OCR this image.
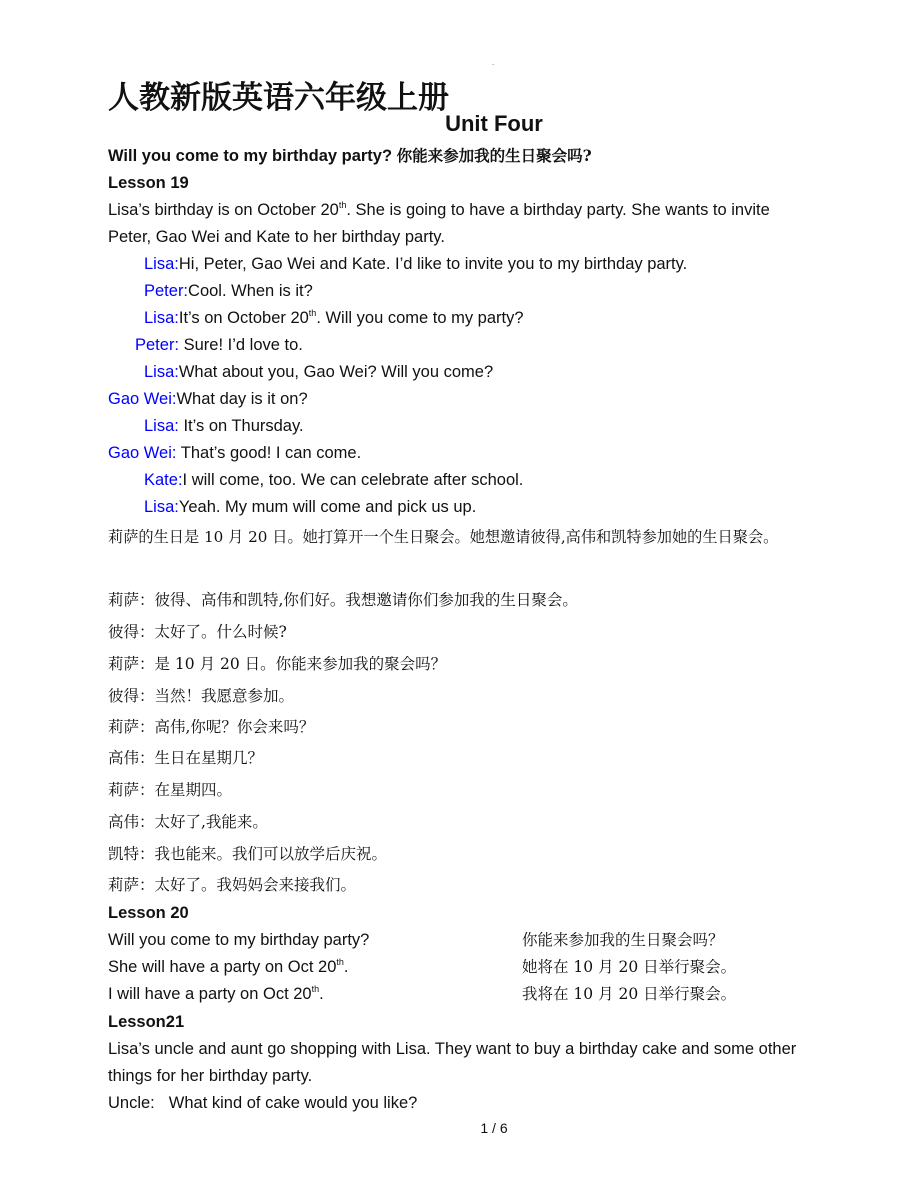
.
人教新版英语六年级上册
Unit Four
Will you come to my birthday party? 你能来参加我的生日聚会吗?
Lesson 19
Lisa’s birthday is on October 20th. She is going to have a birthday party. She wants to invite
Peter, Gao Wei and Kate to her birthday party.
Lisa:Hi, Peter, Gao Wei and Kate. I’d like to invite you to my birthday party.
Peter:Cool. When is it?
Lisa:It’s on October 20th. Will you come to my party?
Peter: Sure! I’d love to.
Lisa:What about you, Gao Wei? Will you come?
Gao Wei:What day is it on?
Lisa: It’s on Thursday.
Gao Wei: That’s good! I can come.
Kate:I will come, too. We can celebrate after school.
Lisa:Yeah. My mum will come and pick us up.
莉萨的生日是 10 月 20 日。她打算开一个生日聚会。她想邀请彼得,高伟和凯特参加她的生日聚会。
莉萨：彼得、高伟和凯特,你们好。我想邀请你们参加我的生日聚会。
彼得：太好了。什么时候?
莉萨：是 10 月 20 日。你能来参加我的聚会吗？
彼得：当然！我愿意参加。
莉萨：高伟,你呢？你会来吗？
高伟：生日在星期几？
莉萨：在星期四。
高伟：太好了,我能来。
凯特：我也能来。我们可以放学后庆祝。
莉萨：太好了。我妈妈会来接我们。
Lesson 20
Will you come to my birthday party?	你能来参加我的生日聚会吗？
She will have a party on Oct 20th.	她将在 10 月 20 日举行聚会。
I will have a party on Oct 20th.	我将在 10 月 20 日举行聚会。
Lesson21
Lisa’s uncle and aunt go shopping with Lisa. They want to buy a birthday cake and some other
things for her birthday party.
Uncle: What kind of cake would you like?
1 / 6
